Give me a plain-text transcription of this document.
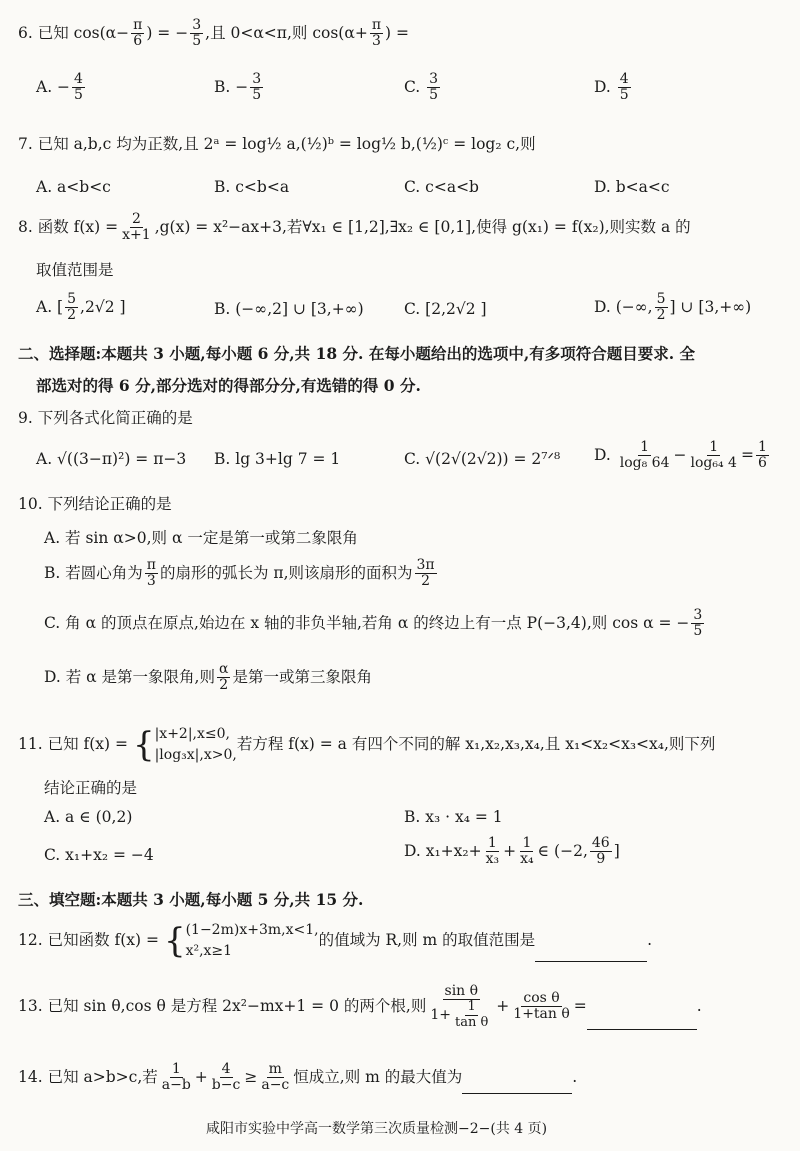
6. 已知 $\cos(\alpha- \frac{\pi}{6}$ ) = − $\frac{3}{5}$ ,且 0<α<π,则 $\cos(\alpha+ \frac{\pi}{3}$ ) =
A. − $\frac{4}{5}$	B. − $\frac{3}{5}$	C. $\frac{3}{5}$	D. $\frac{4}{5}$
7. 已知 a,b,c 均为正数,且 2ᵃ = log½ a,(½)ᵇ = log½ b,(½)ᶜ = log₂ c,则
A. a<b<c	B. c<b<a	C. c<a<b	D. b<a<c
8. 函数 $f(x) = \frac{2}{x+1} ,g(x) = x^2-ax+3$,若∀x₁ ∈ [1,2],∃x₂ ∈ [0,1],使得 g(x₁) = f(x₂),则实数 a 的
取值范围是
A. [ $\frac{5}{2} ,2√2$ ]	B. (−∞,2] ∪ [3,+∞)	C. [2,2√2 ]	D. (−∞, $\frac{5}{2}$ ] ∪ [3,+∞)
二、选择题:本题共 3 小题,每小题 6 分,共 18 分. 在每小题给出的选项中,有多项符合题目要求. 全
部选对的得 6 分,部分选对的得部分分,有选错的得 0 分.
9. 下列各式化简正确的是
A. √((3−π)²) = π−3 B. lg 3+lg 7 = 1	C. √(2√(2√2)) = 2⁷ᐟ⁸ D. $\frac{1}{\text{log₈ 64}} - \frac{1}{\text{log₆₄ 4}} = \frac{1}{6}$
10. 下列结论正确的是
A. 若 sin α>0,则 α 一定是第一或第二象限角
B. 若圆心角为 $\frac{\pi}{3}$ 的扇形的弧长为 π,则该扇形的面积为 $\frac{3\pi}{2}$
C. 角 α 的顶点在原点,始边在 x 轴的非负半轴,若角 α 的终边上有一点 P(−3,4),则 cos α = − $\frac{3}{5}$
D. 若 α 是第一象限角,则 $\frac{\alpha}{2}$ 是第一或第三象限角
11. 已知 f(x) = { |x+2|,x≤0,
|log₃x|,x>0,
若方程 f(x) = a 有四个不同的解 x₁,x₂,x₃,x₄,且 x₁<x₂<x₃<x₄,则下列
结论正确的是
A. a ∈ (0,2)	B. x₃ · x₄ = 1
C. x₁+x₂ = −4	D. $x_1+x_2+ \frac{1}{\text{x₃}} + \frac{1}{\text{x₄}}$ ∈ (−2, $\frac{46}{9}$ ]
三、填空题:本题共 3 小题,每小题 5 分,共 15 分.
12. 已知函数 f(x) = { (1−2m)x+3m,x<1,
x²,x≥1
的值域为 R,则 m 的取值范围是	.
13. 已知 sin θ,cos θ 是方程 2x²−mx+1 = 0 的两个根,则 $\frac{\text{sin θ}}{1+ \frac{1}{\text{tan θ}}} + \frac{\text{cos θ}}{\text{1+tan θ}}$ =	.
14. 已知 a>b>c,若 $\frac{1}{a-b} + \frac{4}{b-c} \ge \frac{m}{a-c}$ 恒成立,则 m 的最大值为	.
咸阳市实验中学高一数学第三次质量检测−2−(共 4 页)
